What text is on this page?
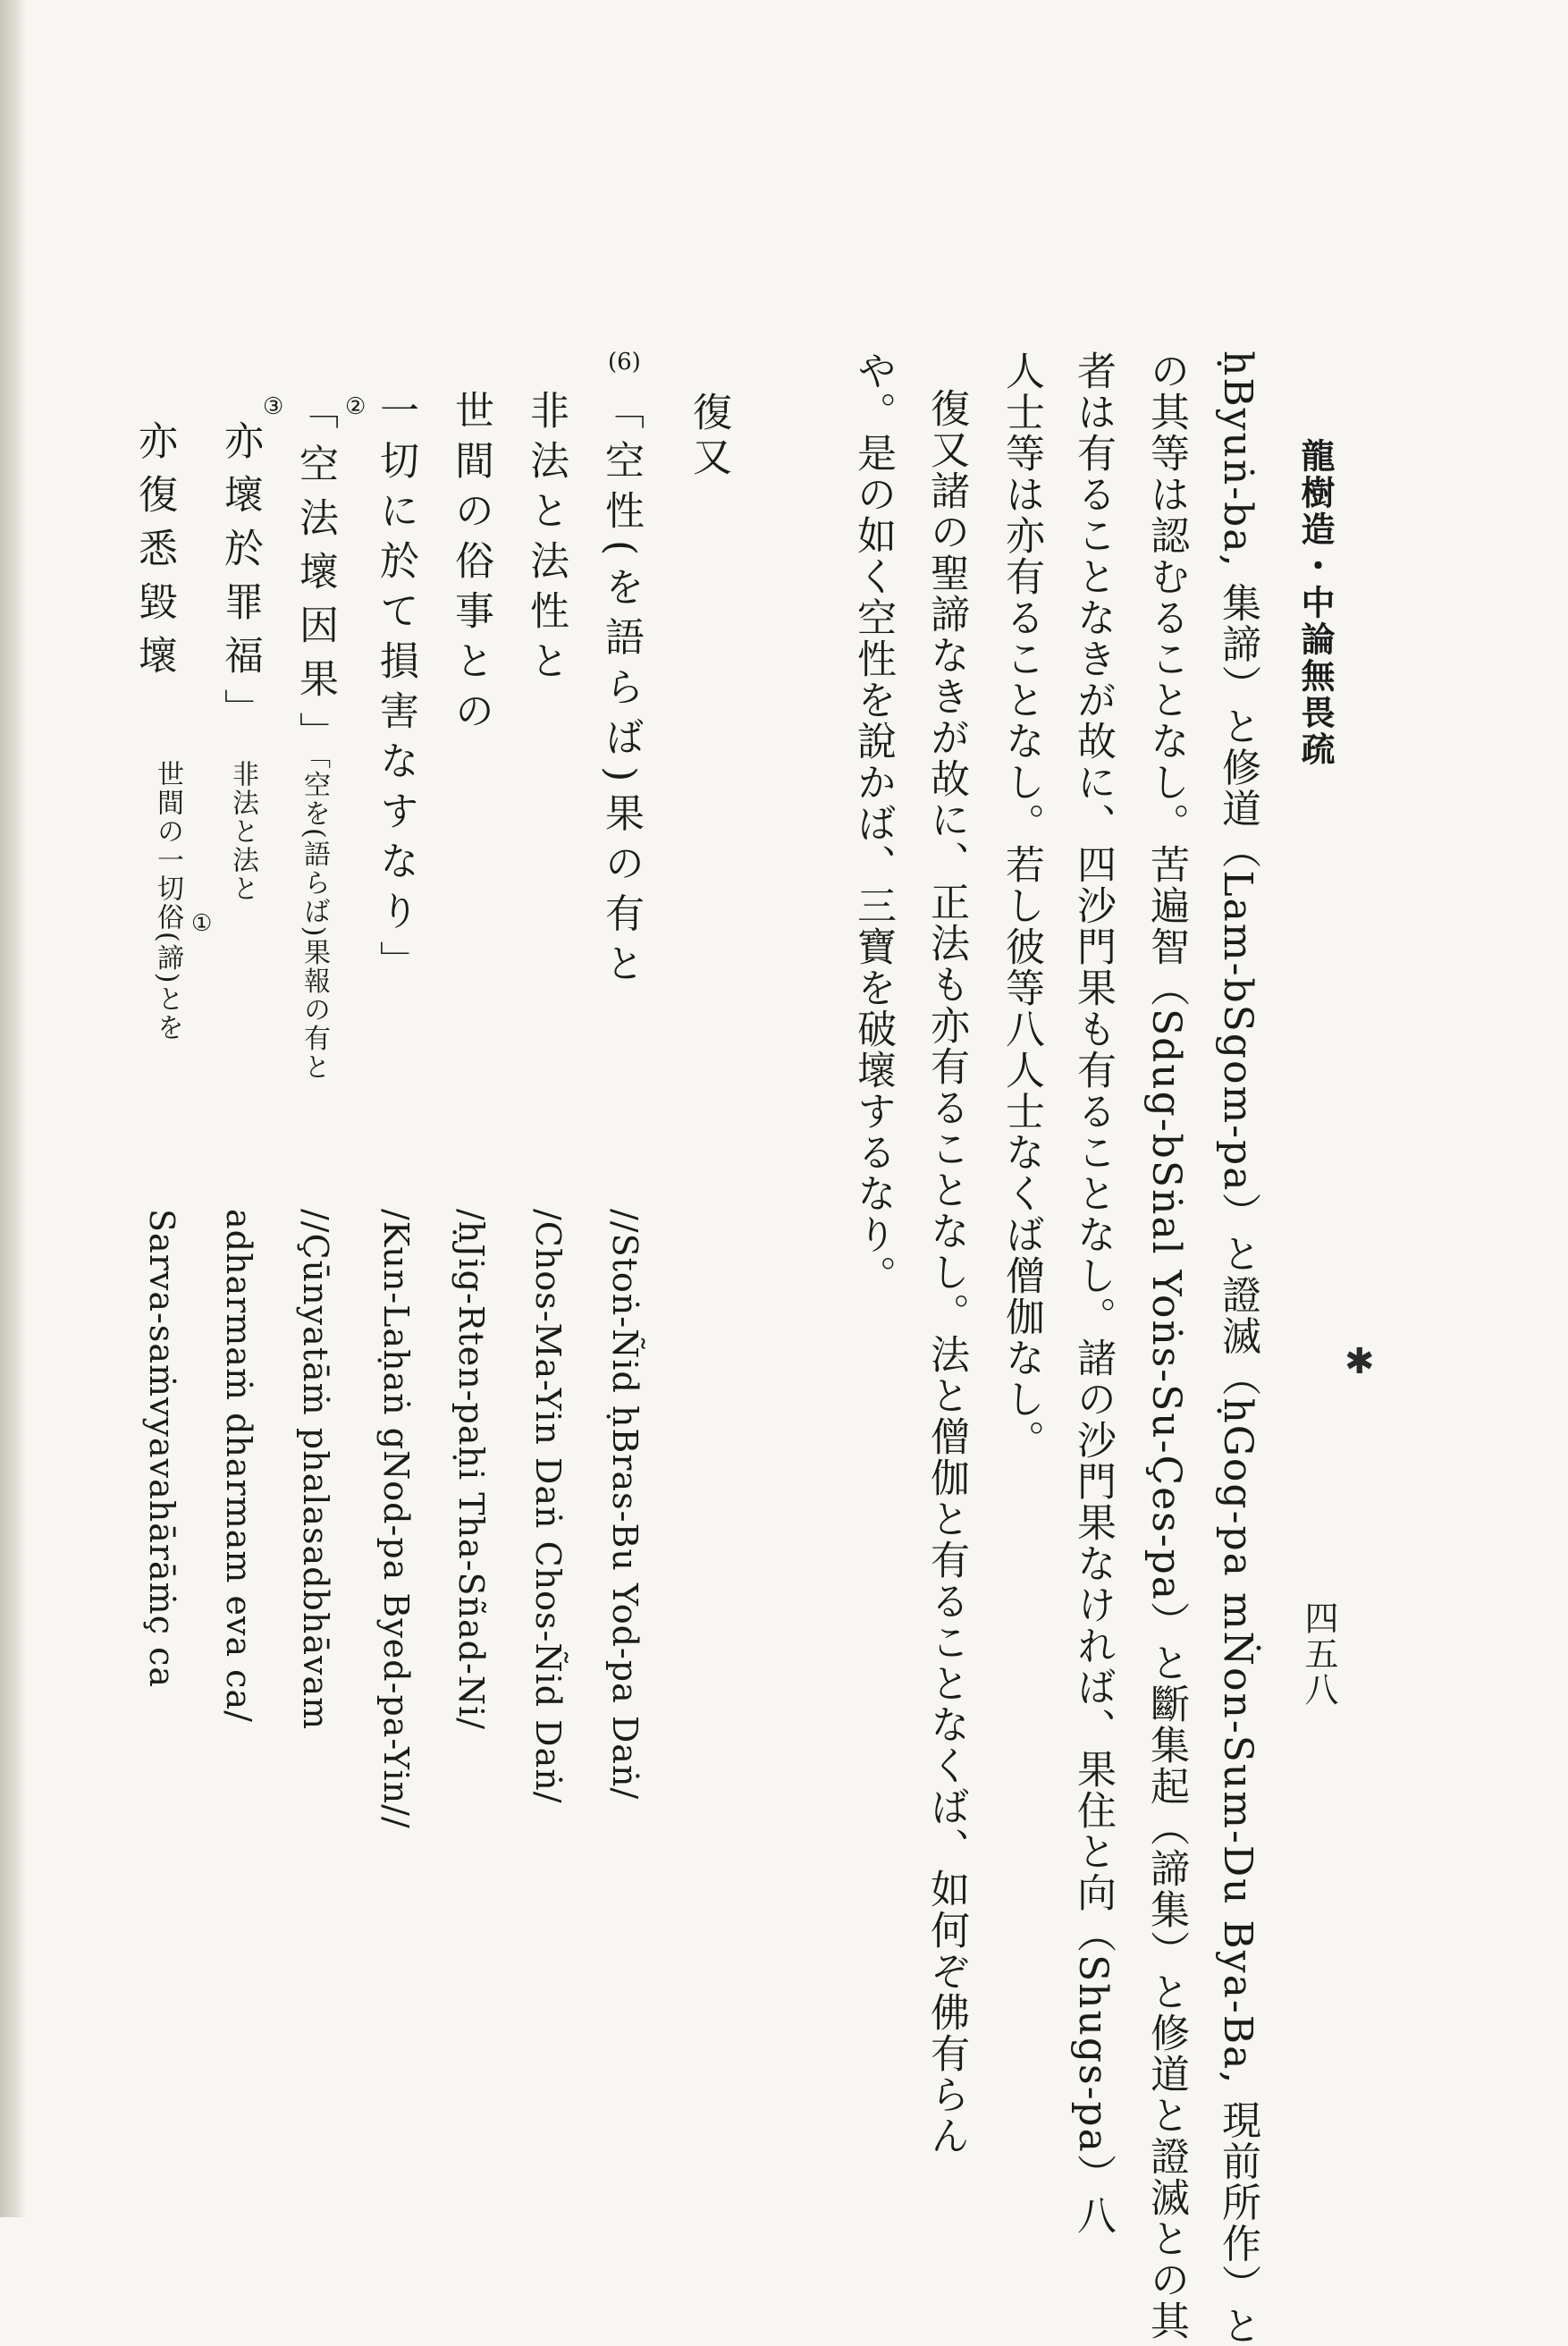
龍樹造・中論無畏疏
四五八
ḥByuṅ-ba, 集諦）と修道（Lam-bSgom-pa）と證滅（ḥGog-pa mṄon-Sum-Du Bya-Ba, 現前所作）と
の其等は認むることなし。苦遍智（Sdug-bSṅal Yoṅs-Su-Çes-pa）と斷集起（諦集）と修道と證滅との其
者は有ることなきが故に、四沙門果も有ることなし。諸の沙門果なければ、果住と向（Shugs-pa）八
人士等は亦有ることなし。若し彼等八人士なくば僧伽なし。
復又諸の聖諦なきが故に、正法も亦有ることなし。法と僧伽と有ることなくば、如何ぞ佛有らん
や。是の如く空性を說かば、三寶を破壞するなり。
復又
(6)
「空性(を語らば)果の有と
非法と法性と
世間の俗事との
一切に於て損害なすなり」
②
「空法壞因果」
③
亦壞於罪福」
亦復悉毀壞
「空を(語らば)果報の有と
非法と法と
世間の一切俗(諦)とを ①
//Stoṅ-Ñid ḥBras-Bu Yod-pa Daṅ/
/Chos-Ma-Yin Daṅ Chos-Ñid Daṅ/
/ḥJig-Rten-paḥi Tha-Sñad-Ni/
/Kun-Laḥaṅ gNod-pa Byed-pa-Yin//
//Çūnyatāṁ phalasadbhāvam
adharmaṁ dharmam eva ca/
Sarva-saṁvyavahārāṁç ca	✱
